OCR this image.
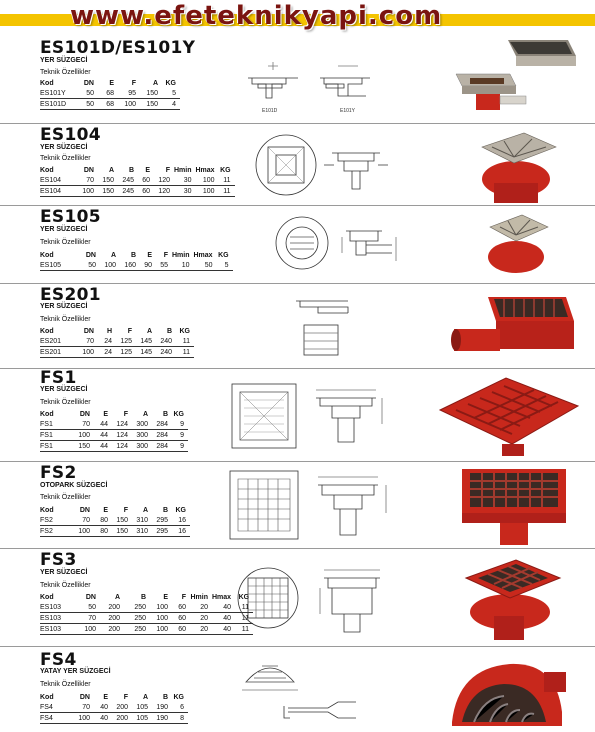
www.efeteknikyapi.com
ES101D/ES101Y
YER SÜZGECİ
Teknik Özellikler
Kod	DN	E	F	A	KG
ES101Y	50	68	95	150	5
ES101D	50	68	100	150	4
E101D	E101Y
ES104
YER SÜZGECİ
Teknik Özellikler
Kod	DN	A	B	E	F	Hmin	Hmax	KG
ES104	70	150	245	60	120	30	100	11
ES104	100	150	245	60	120	30	100	11
ES105
YER SÜZGECİ
Teknik Özellikler
Kod	DN	A	B	E	F	Hmin	Hmax	KG
ES105	50	100	160	90	55	10	50	5
ES201
YER SÜZGECİ
Teknik Özellikler
Kod	DN	H	F	A	B	KG
ES201	70	24	125	145	240	11
ES201	100	24	125	145	240	11
FS1
YER SÜZGECİ
Teknik Özellikler
Kod	DN	E	F	A	B	KG
FS1	70	44	124	300	284	9
FS1	100	44	124	300	284	9
FS1	150	44	124	300	284	9
FS2
OTOPARK SÜZGECİ
Teknik Özellikler
Kod	DN	E	F	A	B	KG
FS2	70	80	150	310	295	16
FS2	100	80	150	310	295	16
FS3
YER SÜZGECİ
Teknik Özellikler
Kod	DN	A	B	E	F	Hmin	Hmax	KG
ES103	50	200	250	100	60	20	40	11
ES103	70	200	250	100	60	20	40	11
ES103	100	200	250	100	60	20	40	11
FS4
YATAY YER SÜZGECİ
Teknik Özellikler
Kod	DN	E	F	A	B	KG
FS4	70	40	200	105	190	6
FS4	100	40	200	105	190	8
